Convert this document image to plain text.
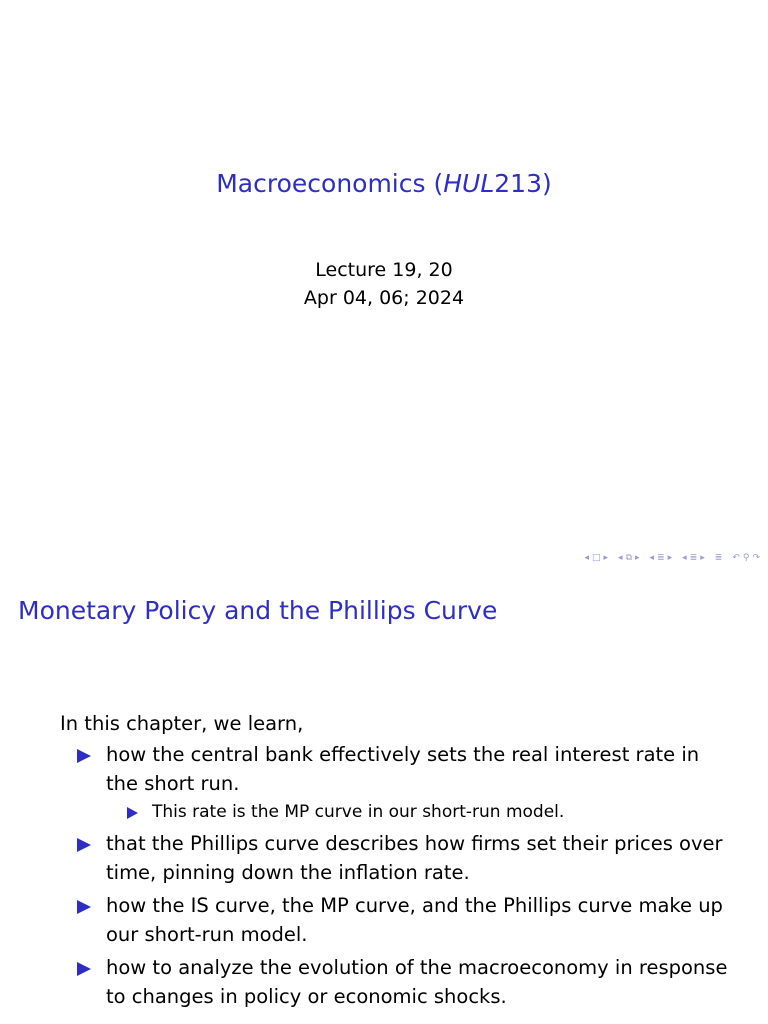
Macroeconomics (HUL213)
Lecture 19, 20
Apr 04, 06; 2024
◂ □ ▸ ◂ ⧉ ▸ ◂ ≣ ▸ ◂ ≣ ▸ ≣ ↶ ⚲ ↷
Monetary Policy and the Phillips Curve
In this chapter, we learn,
how the central bank effectively sets the real interest rate in the short run.
This rate is the MP curve in our short-run model.
that the Phillips curve describes how firms set their prices over time, pinning down the inflation rate.
how the IS curve, the MP curve, and the Phillips curve make up our short-run model.
how to analyze the evolution of the macroeconomy in response to changes in policy or economic shocks.
